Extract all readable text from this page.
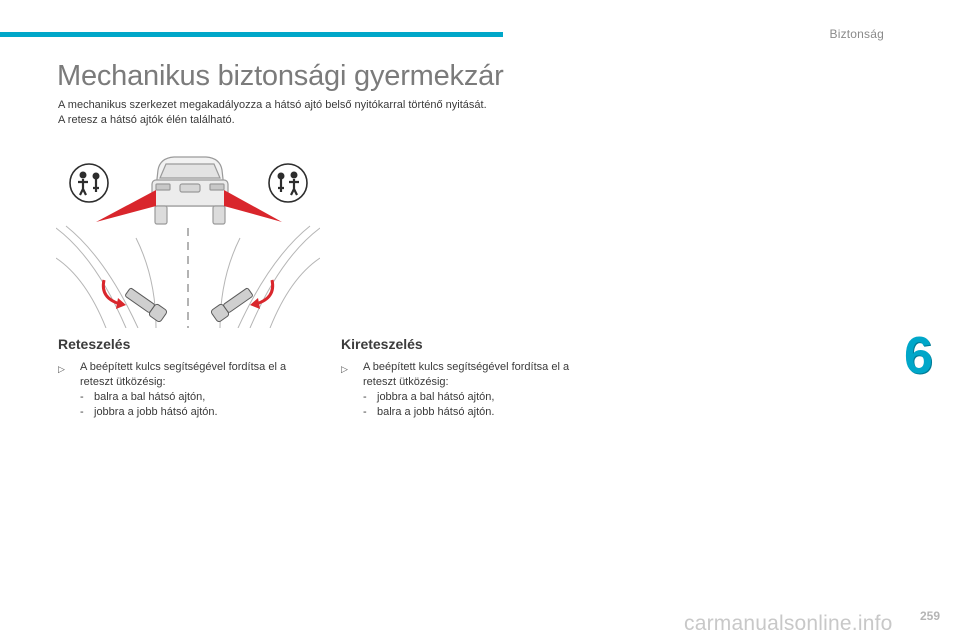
Biztonság
Mechanikus biztonsági gyermekzár

A mechanikus szerkezet megakadályozza a hátsó ajtó belső nyitókarral történő nyitását.

A retesz a hátsó ajtók élén található.

Reteszelés
▷ A beépített kulcs segítségével fordítsa el a reteszt ütközésig:
- balra a bal hátsó ajtón,
- jobbra a jobb hátsó ajtón.
Kireteszelés
▷ A beépített kulcs segítségével fordítsa el a reteszt ütközésig:
- jobbra a bal hátsó ajtón,
- balra a jobb hátsó ajtón.
6
259
carmanualsonline.info
